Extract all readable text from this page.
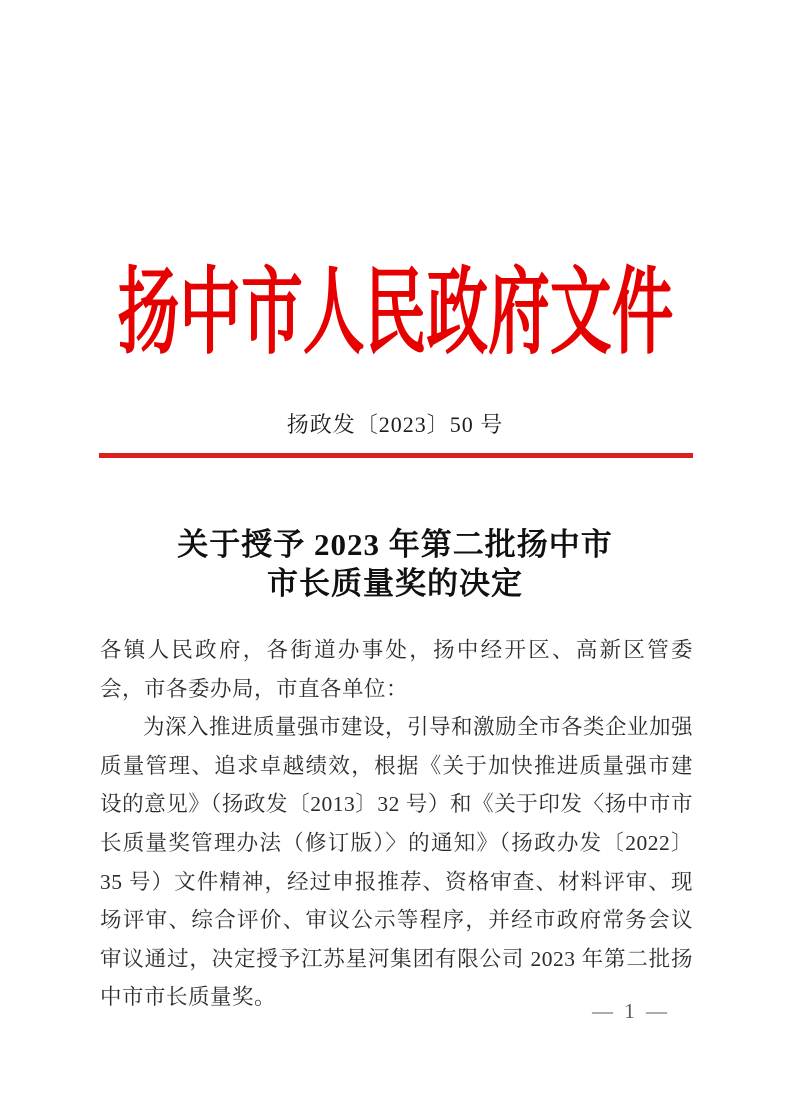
扬中市人民政府文件
扬政发〔2023〕50 号
关于授予 2023 年第二批扬中市
市长质量奖的决定

各镇人民政府，各街道办事处，扬中经开区、高新区管委会，市各委办局，市直各单位：

为深入推进质量强市建设，引导和激励全市各类企业加强质量管理、追求卓越绩效，根据《关于加快推进质量强市建设的意见》（扬政发〔2013〕32 号）和《关于印发〈扬中市市长质量奖管理办法（修订版）〉的通知》（扬政办发〔2022〕35 号）文件精神，经过申报推荐、资格审查、材料评审、现场评审、综合评价、审议公示等程序，并经市政府常务会议审议通过，决定授予江苏星河集团有限公司 2023 年第二批扬中市市长质量奖。

— 1 —
